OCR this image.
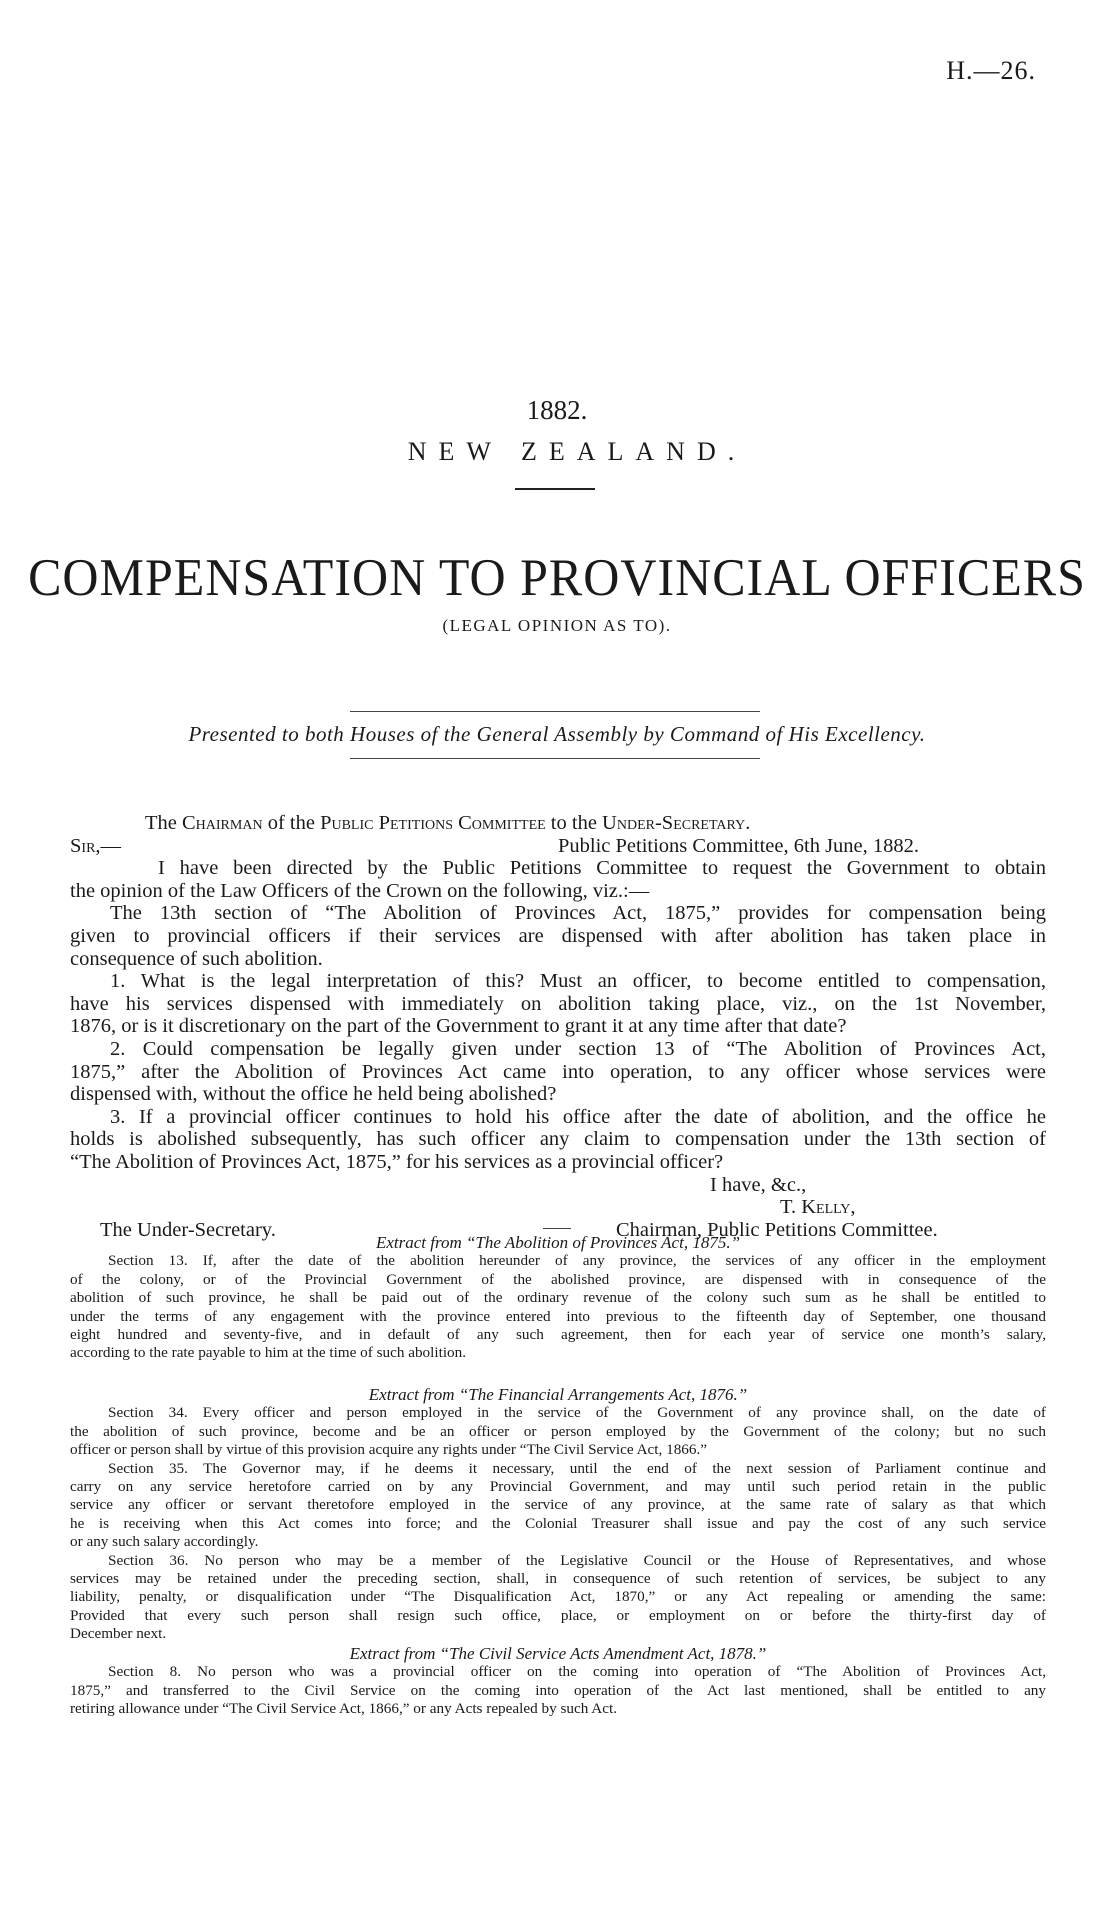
H.—26.
1882.
NEW ZEALAND.
COMPENSATION TO PROVINCIAL OFFICERS
(LEGAL OPINION AS TO).
Presented to both Houses of the General Assembly by Command of His Excellency.
The Chairman of the Public Petitions Committee to the Under-Secretary.
Sir,—	Public Petitions Committee, 6th June, 1882.
I have been directed by the Public Petitions Committee to request the Government to obtain
the opinion of the Law Officers of the Crown on the following, viz.:—
The 13th section of “The Abolition of Provinces Act, 1875,” provides for compensation being
given to provincial officers if their services are dispensed with after abolition has taken place in
consequence of such abolition.
1. What is the legal interpretation of this? Must an officer, to become entitled to compensation,
have his services dispensed with immediately on abolition taking place, viz., on the 1st November,
1876, or is it discretionary on the part of the Government to grant it at any time after that date?
2. Could compensation be legally given under section 13 of “The Abolition of Provinces Act,
1875,” after the Abolition of Provinces Act came into operation, to any officer whose services were
dispensed with, without the office he held being abolished?
3. If a provincial officer continues to hold his office after the date of abolition, and the office he
holds is abolished subsequently, has such officer any claim to compensation under the 13th section of
“The Abolition of Provinces Act, 1875,” for his services as a provincial officer?
I have, &c.,
T. Kelly,
The Under-Secretary.	Chairman, Public Petitions Committee.
Extract from “The Abolition of Provinces Act, 1875.”
Section 13. If, after the date of the abolition hereunder of any province, the services of any officer in the employment
of the colony, or of the Provincial Government of the abolished province, are dispensed with in consequence of the
abolition of such province, he shall be paid out of the ordinary revenue of the colony such sum as he shall be entitled to
under the terms of any engagement with the province entered into previous to the fifteenth day of September, one thousand
eight hundred and seventy-five, and in default of any such agreement, then for each year of service one month’s salary,
according to the rate payable to him at the time of such abolition.
Extract from “The Financial Arrangements Act, 1876.”
Section 34. Every officer and person employed in the service of the Government of any province shall, on the date of
the abolition of such province, become and be an officer or person employed by the Government of the colony; but no such
officer or person shall by virtue of this provision acquire any rights under “The Civil Service Act, 1866.”
Section 35. The Governor may, if he deems it necessary, until the end of the next session of Parliament continue and
carry on any service heretofore carried on by any Provincial Government, and may until such period retain in the public
service any officer or servant theretofore employed in the service of any province, at the same rate of salary as that which
he is receiving when this Act comes into force; and the Colonial Treasurer shall issue and pay the cost of any such service
or any such salary accordingly.
Section 36. No person who may be a member of the Legislative Council or the House of Representatives, and whose
services may be retained under the preceding section, shall, in consequence of such retention of services, be subject to any
liability, penalty, or disqualification under “The Disqualification Act, 1870,” or any Act repealing or amending the same:
Provided that every such person shall resign such office, place, or employment on or before the thirty-first day of
December next.
Extract from “The Civil Service Acts Amendment Act, 1878.”
Section 8. No person who was a provincial officer on the coming into operation of “The Abolition of Provinces Act,
1875,” and transferred to the Civil Service on the coming into operation of the Act last mentioned, shall be entitled to any
retiring allowance under “The Civil Service Act, 1866,” or any Acts repealed by such Act.
